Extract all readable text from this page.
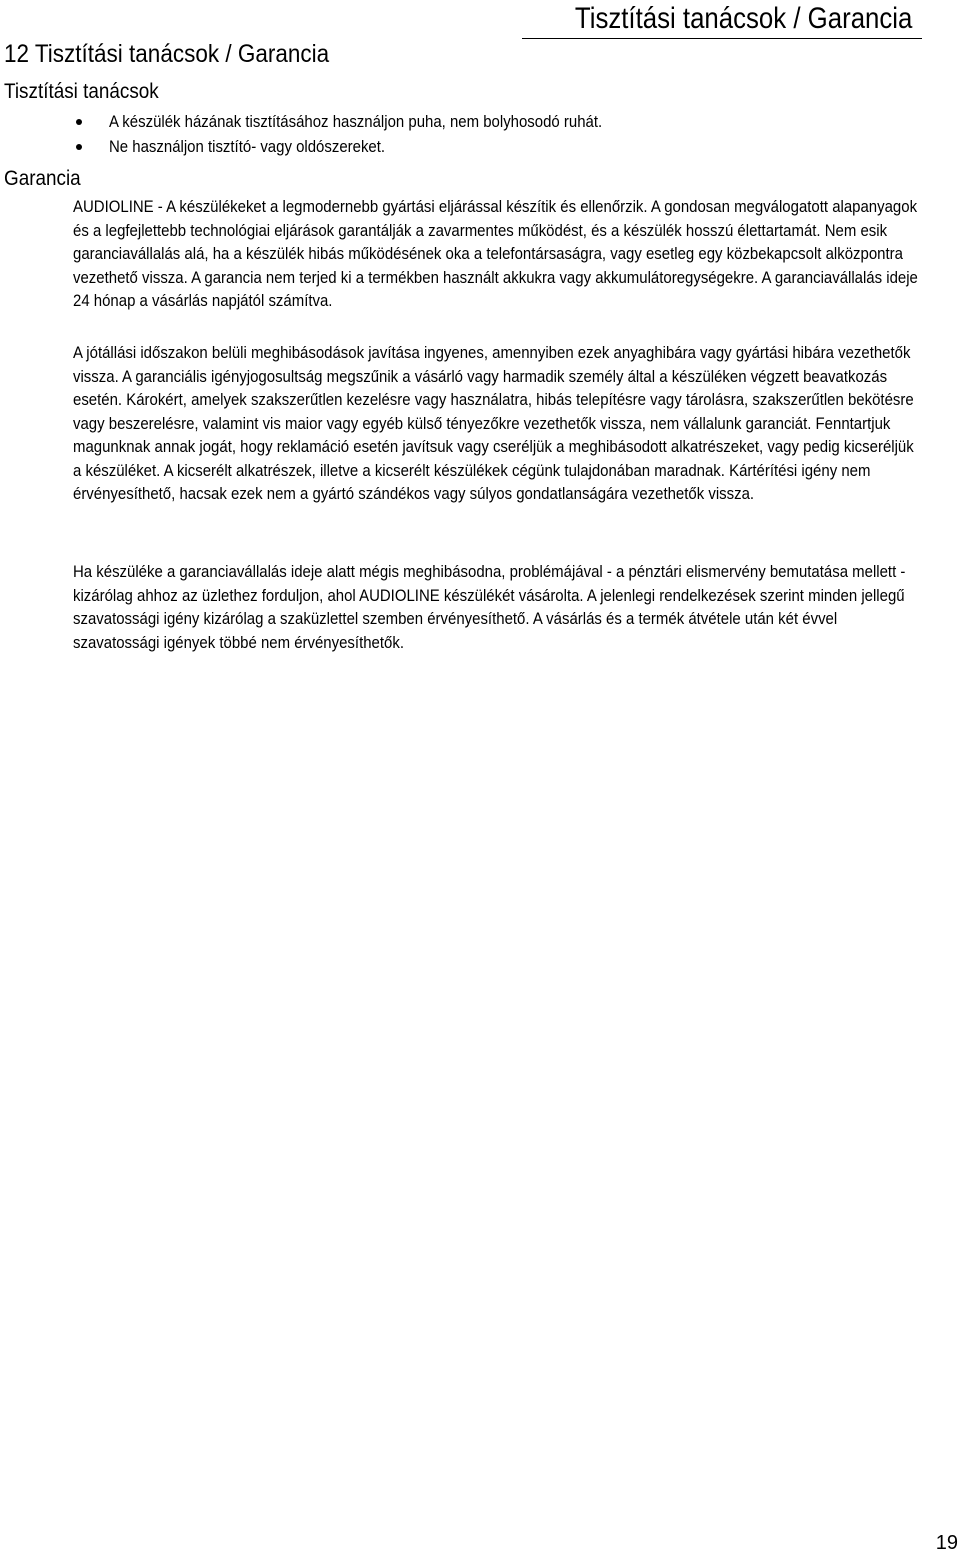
Tisztítási tanácsok / Garancia
12 Tisztítási tanácsok / Garancia
Tisztítási tanácsok
A készülék házának tisztításához használjon puha, nem bolyhosodó ruhát.
Ne használjon tisztító- vagy oldószereket.
Garancia

AUDIOLINE - A készülékeket a legmodernebb gyártási eljárással készítik és ellenőrzik. A gondosan megválogatott alapanyagok és a legfejlettebb technológiai eljárások garantálják a zavarmentes működést, és a készülék hosszú élettartamát. Nem esik garanciavállalás alá, ha a készülék hibás működésének oka a telefontársaságra, vagy esetleg egy közbekapcsolt alközpontra vezethető vissza. A garancia nem terjed ki a termékben használt akkukra vagy akkumulátoregységekre. A garanciavállalás ideje 24 hónap a vásárlás napjától számítva.

A jótállási időszakon belüli meghibásodások javítása ingyenes, amennyiben ezek anyaghibára vagy gyártási hibára vezethetők vissza. A garanciális igényjogosultság megszűnik a vásárló vagy harmadik személy által a készüléken végzett beavatkozás esetén. Károkért, amelyek szakszerűtlen kezelésre vagy használatra, hibás telepítésre vagy tárolásra, szakszerűtlen bekötésre vagy beszerelésre, valamint vis maior vagy egyéb külső tényezőkre vezethetők vissza, nem vállalunk garanciát. Fenntartjuk magunknak annak jogát, hogy reklamáció esetén javítsuk vagy cseréljük a meghibásodott alkatrészeket, vagy pedig kicseréljük a készüléket. A kicserélt alkatrészek, illetve a kicserélt készülékek cégünk tulajdonában maradnak. Kártérítési igény nem érvényesíthető, hacsak ezek nem a gyártó szándékos vagy súlyos gondatlanságára vezethetők vissza.

Ha készüléke a garanciavállalás ideje alatt mégis meghibásodna, problémájával - a pénztári elismervény bemutatása mellett - kizárólag ahhoz az üzlethez forduljon, ahol AUDIOLINE készülékét vásárolta. A jelenlegi rendelkezések szerint minden jellegű szavatossági igény kizárólag a szaküzlettel szemben érvényesíthető. A vásárlás és a termék átvétele után két évvel szavatossági igények többé nem érvényesíthetők.

19
